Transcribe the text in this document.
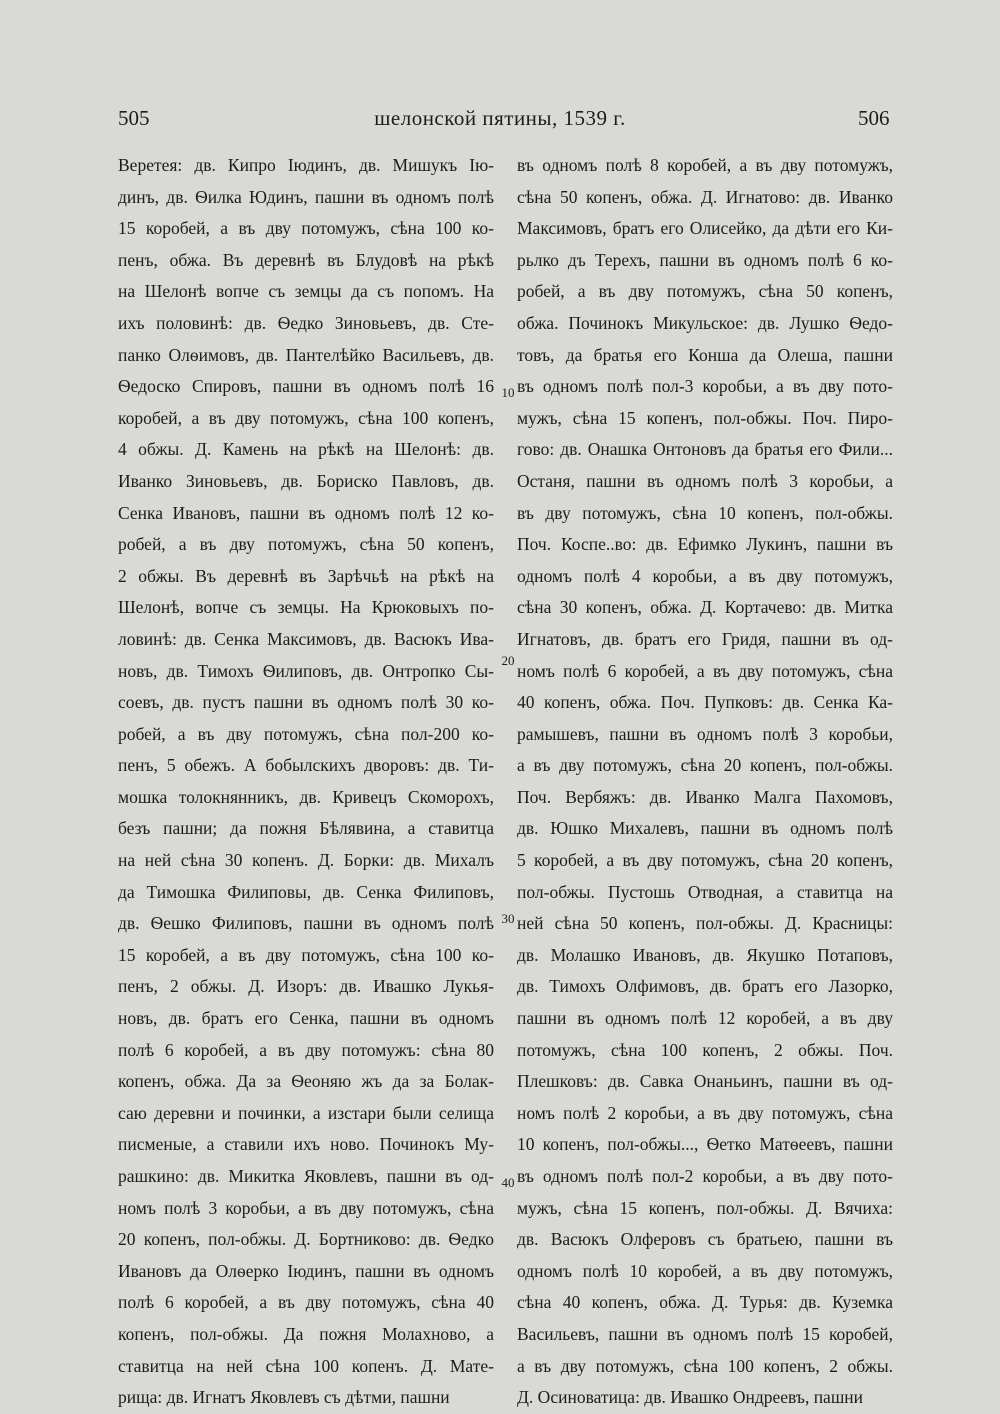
505	шелонской пятины, 1539 г.	506
Веретея: дв. Кипро Іюдинъ, дв. Мишукъ Ію-
динъ, дв. Ѳилка Юдинъ, пашни въ одномъ полѣ
15 коробей, а въ дву потомужъ, сѣна 100 ко-
пенъ, обжа. Въ деревнѣ въ Блудовѣ на рѣкѣ
на Шелонѣ вопче съ земцы да съ попомъ. На
ихъ половинѣ: дв. Ѳедко Зиновьевъ, дв. Сте-
панко Олѳимовъ, дв. Пантелѣйко Васильевъ, дв.
Ѳедоско Спировъ, пашни въ одномъ полѣ 16
коробей, а въ дву потомужъ, сѣна 100 копенъ,
4 обжы. Д. Камень на рѣкѣ на Шелонѣ: дв.
Иванко Зиновьевъ, дв. Бориско Павловъ, дв.
Сенка Ивановъ, пашни въ одномъ полѣ 12 ко-
робей, а въ дву потомужъ, сѣна 50 копенъ,
2 обжы. Въ деревнѣ въ Зарѣчьѣ на рѣкѣ на
Шелонѣ, вопче съ земцы. На Крюковыхъ по-
ловинѣ: дв. Сенка Максимовъ, дв. Васюкъ Ива-
новъ, дв. Тимохъ Ѳилиповъ, дв. Онтропко Сы-
соевъ, дв. пустъ пашни въ одномъ полѣ 30 ко-
робей, а въ дву потомужъ, сѣна пол-200 ко-
пенъ, 5 обежъ. А бобылскихъ дворовъ: дв. Ти-
мошка толокнянникъ, дв. Кривецъ Скоморохъ,
безъ пашни; да пожня Бѣлявина, а ставитца
на ней сѣна 30 копенъ. Д. Борки: дв. Михалъ
да Тимошка Филиповы, дв. Сенка Филиповъ,
дв. Ѳешко Филиповъ, пашни въ одномъ полѣ
15 коробей, а въ дву потомужъ, сѣна 100 ко-
пенъ, 2 обжы. Д. Изоръ: дв. Ивашко Лукья-
новъ, дв. братъ его Сенка, пашни въ одномъ
полѣ 6 коробей, а въ дву потомужъ: сѣна 80
копенъ, обжа. Да за Ѳеоняю жъ да за Болак-
саю деревни и починки, а изстари были селища
писменые, а ставили ихъ ново. Починокъ Му-
рашкино: дв. Микитка Яковлевъ, пашни въ од-
номъ полѣ 3 коробьи, а въ дву потомужъ, сѣна
20 копенъ, пол-обжы. Д. Бортниково: дв. Ѳедко
Ивановъ да Олѳерко Іюдинъ, пашни въ одномъ
полѣ 6 коробей, а въ дву потомужъ, сѣна 40
копенъ, пол-обжы. Да пожня Молахново, а
ставитца на ней сѣна 100 копенъ. Д. Мате-
рища: дв. Игнатъ Яковлевъ съ дѣтми, пашни
въ одномъ полѣ 8 коробей, а въ дву потомужъ,
сѣна 50 копенъ, обжа. Д. Игнатово: дв. Иванко
Максимовъ, братъ его Олисейко, да дѣти его Ки-
рьлко дъ Терехъ, пашни въ одномъ полѣ 6 ко-
робей, а въ дву потомужъ, сѣна 50 копенъ,
обжа. Починокъ Микульское: дв. Лушко Ѳедо-
товъ, да братья его Конша да Олеша, пашни
въ одномъ полѣ пол-3 коробьи, а въ дву пото-
мужъ, сѣна 15 копенъ, пол-обжы. Поч. Пиро-
гово: дв. Онашка Онтоновъ да братья его Фили...
Останя, пашни въ одномъ полѣ 3 коробьи, а
въ дву потомужъ, сѣна 10 копенъ, пол-обжы.
Поч. Коспе..во: дв. Ефимко Лукинъ, пашни въ
одномъ полѣ 4 коробьи, а въ дву потомужъ,
сѣна 30 копенъ, обжа. Д. Кортачево: дв. Митка
Игнатовъ, дв. братъ его Гридя, пашни въ од-
номъ полѣ 6 коробей, а въ дву потомужъ, сѣна
40 копенъ, обжа. Поч. Пупковъ: дв. Сенка Ка-
рамышевъ, пашни въ одномъ полѣ 3 коробьи,
а въ дву потомужъ, сѣна 20 копенъ, пол-обжы.
Поч. Вербяжъ: дв. Иванко Малга Пахомовъ,
дв. Юшко Михалевъ, пашни въ одномъ полѣ
5 коробей, а въ дву потомужъ, сѣна 20 копенъ,
пол-обжы. Пустошь Отводная, а ставитца на
ней сѣна 50 копенъ, пол-обжы. Д. Красницы:
дв. Молашко Ивановъ, дв. Якушко Потаповъ,
дв. Тимохъ Олфимовъ, дв. братъ его Лазорко,
пашни въ одномъ полѣ 12 коробей, а въ дву
потомужъ, сѣна 100 копенъ, 2 обжы. Поч.
Плешковъ: дв. Савка Онаньинъ, пашни въ од-
номъ полѣ 2 коробьи, а въ дву потомужъ, сѣна
10 копенъ, пол-обжы..., Ѳетко Матѳеевъ, пашни
въ одномъ полѣ пол-2 коробьи, а въ дву пото-
мужъ, сѣна 15 копенъ, пол-обжы. Д. Вячиха:
дв. Васюкъ Олферовъ съ братьею, пашни въ
одномъ полѣ 10 коробей, а въ дву потомужъ,
сѣна 40 копенъ, обжа. Д. Турья: дв. Куземка
Васильевъ, пашни въ одномъ полѣ 15 коробей,
а въ дву потомужъ, сѣна 100 копенъ, 2 обжы.
Д. Осиноватица: дв. Ивашко Ондреевъ, пашни
10
20
30
40
